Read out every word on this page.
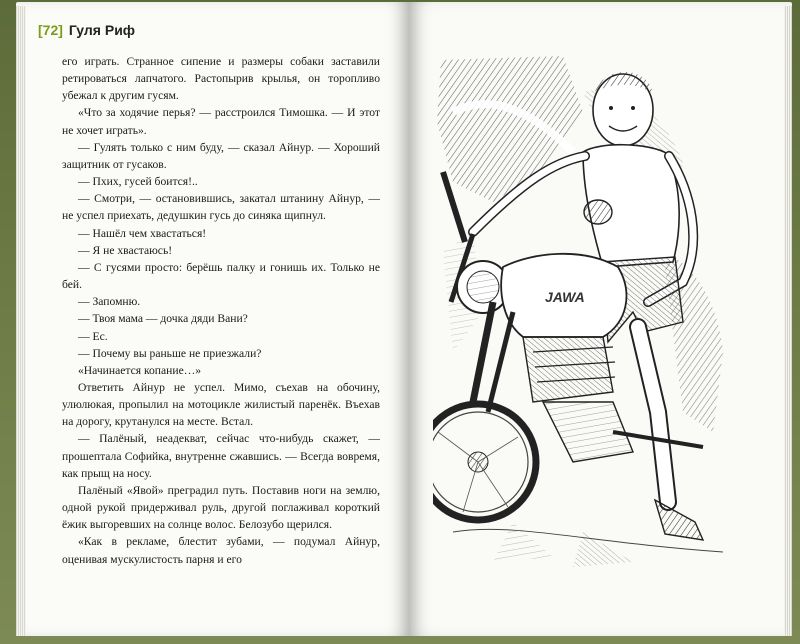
[72] Гуля Риф

его играть. Странное сипение и размеры собаки заставили ретироваться лапчатого. Растопырив крылья, он торопливо убежал к другим гусям.

«Что за ходячие перья? — расстроился Тимошка. — И этот не хочет играть».

— Гулять только с ним буду, — сказал Айнур. — Хороший защитник от гусаков.

— Пхих, гусей боится!..

— Смотри, — остановившись, закатал штанину Айнур, — не успел приехать, дедушкин гусь до синяка щипнул.

— Нашёл чем хвастаться!

— Я не хвастаюсь!

— С гусями просто: берёшь палку и гонишь их. Только не бей.

— Запомню.

— Твоя мама — дочка дяди Вани?

— Ес.

— Почему вы раньше не приезжали?

«Начинается копание…»

Ответить Айнур не успел. Мимо, съехав на обочину, улюлюкая, пропылил на мотоцикле жилистый паренёк. Въехав на дорогу, крутанулся на месте. Встал.

— Палёный, неадекват, сейчас что-нибудь скажет, — прошептала Софийка, внутренне сжавшись. — Всегда вовремя, как прыщ на носу.

Палёный «Явой» преградил путь. Поставив ноги на землю, одной рукой придерживал руль, другой поглаживал короткий ёжик выгоревших на солнце волос. Белозубо щерился.

«Как в рекламе, блестит зубами, — подумал Айнур, оценивая мускулистость парня и его

JAWA
